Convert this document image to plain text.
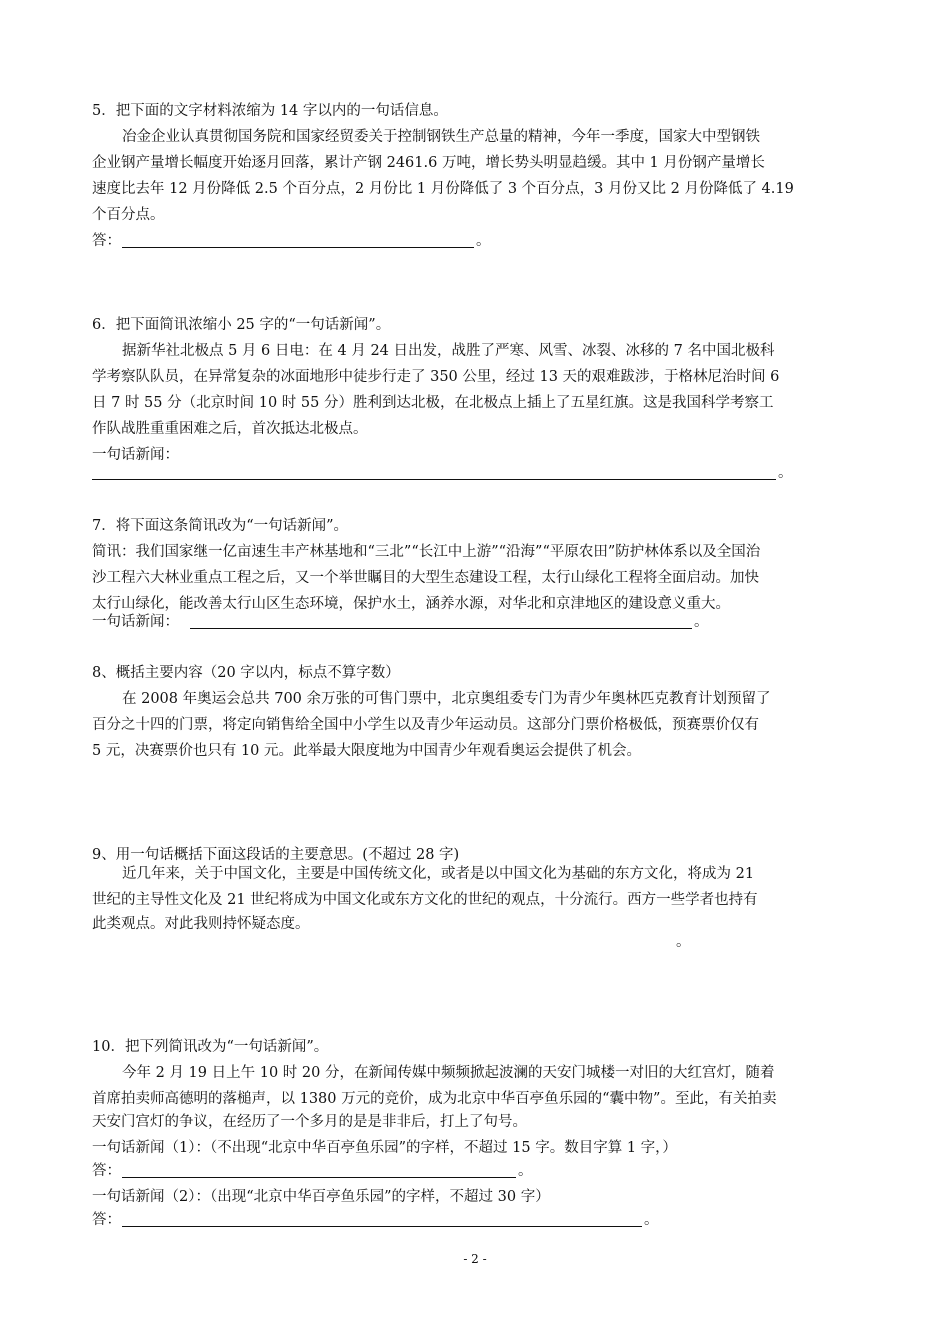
5．把下面的文字材料浓缩为 14 字以内的一句话信息。
冶金企业认真贯彻国务院和国家经贸委关于控制钢铁生产总量的精神，今年一季度，国家大中型钢铁
企业钢产量增长幅度开始逐月回落，累计产钢 2461.6 万吨，增长势头明显趋缓。其中 1 月份钢产量增长
速度比去年 12 月份降低 2.5 个百分点，2 月份比 1 月份降低了 3 个百分点，3 月份又比 2 月份降低了 4.19
个百分点。
答：	。
6．把下面简讯浓缩小 25 字的“一句话新闻”。
据新华社北极点 5 月 6 日电：在 4 月 24 日出发，战胜了严寒、风雪、冰裂、冰移的 7 名中国北极科
学考察队队员，在异常复杂的冰面地形中徒步行走了 350 公里，经过 13 天的艰难跋涉，于格林尼治时间 6
日 7 时 55 分（北京时间 10 时 55 分）胜利到达北极，在北极点上插上了五星红旗。这是我国科学考察工
作队战胜重重困难之后，首次抵达北极点。
一句话新闻：
。
7．将下面这条简讯改为“一句话新闻”。
简讯：我们国家继一亿亩速生丰产林基地和“三北”“长江中上游”“沿海”“平原农田”防护林体系以及全国治
沙工程六大林业重点工程之后，又一个举世瞩目的大型生态建设工程，太行山绿化工程将全面启动。加快
太行山绿化，能改善太行山区生态环境，保护水土，涵养水源，对华北和京津地区的建设意义重大。
一句话新闻：	。
8、概括主要内容（20 字以内，标点不算字数）
在 2008 年奥运会总共 700 余万张的可售门票中，北京奥组委专门为青少年奥林匹克教育计划预留了
百分之十四的门票，将定向销售给全国中小学生以及青少年运动员。这部分门票价格极低，预赛票价仅有
5 元，决赛票价也只有 10 元。此举最大限度地为中国青少年观看奥运会提供了机会。
9、用一句话概括下面这段话的主要意思。(不超过 28 字)
近几年来，关于中国文化，主要是中国传统文化，或者是以中国文化为基础的东方文化，将成为 21
世纪的主导性文化及 21 世纪将成为中国文化或东方文化的世纪的观点，十分流行。西方一些学者也持有
此类观点。对此我则持怀疑态度。
。
10．把下列简讯改为“一句话新闻”。
今年 2 月 19 日上午 10 时 20 分，在新闻传媒中频频掀起波澜的天安门城楼一对旧的大红宫灯，随着
首席拍卖师高德明的落槌声，以 1380 万元的竞价，成为北京中华百亭鱼乐园的“囊中物”。至此，有关拍卖
天安门宫灯的争议，在经历了一个多月的是是非非后，打上了句号。
一句话新闻（1）：（不出现“北京中华百亭鱼乐园”的字样，不超过 15 字。数目字算 1 字，）
答：	。
一句话新闻（2）：（出现“北京中华百亭鱼乐园”的字样，不超过 30 字）
答：	。
- 2 -
